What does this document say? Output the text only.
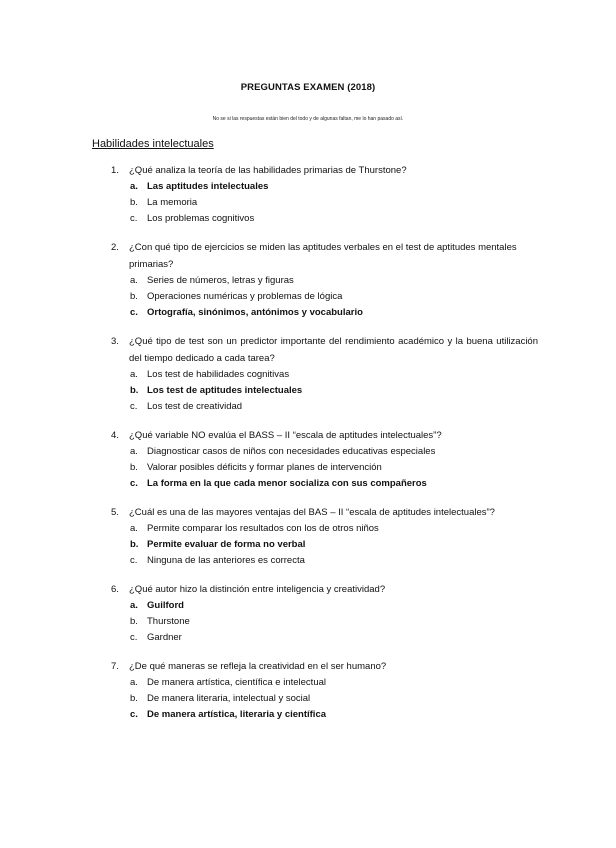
PREGUNTAS EXAMEN (2018)
No se si las respuestas están bien del todo y de algunas faltan, me lo han pasado así.
Habilidades intelectuales
1. ¿Qué analiza la teoría de las habilidades primarias de Thurstone?
a. Las aptitudes intelectuales
b. La memoria
c. Los problemas cognitivos
2. ¿Con qué tipo de ejercicios se miden las aptitudes verbales en el test de aptitudes mentales primarias?
a. Series de números, letras y figuras
b. Operaciones numéricas y problemas de lógica
c. Ortografía, sinónimos, antónimos y vocabulario
3. ¿Qué tipo de test son un predictor importante del rendimiento académico y la buena utilización del tiempo dedicado a cada tarea?
a. Los test de habilidades cognitivas
b. Los test de aptitudes intelectuales
c. Los test de creatividad
4. ¿Qué variable NO evalúa el BASS – II “escala de aptitudes intelectuales”?
a. Diagnosticar casos de niños con necesidades educativas especiales
b. Valorar posibles déficits y formar planes de intervención
c. La forma en la que cada menor socializa con sus compañeros
5. ¿Cuál es una de las mayores ventajas del BAS – II “escala de aptitudes intelectuales”?
a. Permite comparar los resultados con los de otros niños
b. Permite evaluar de forma no verbal
c. Ninguna de las anteriores es correcta
6. ¿Qué autor hizo la distinción entre inteligencia y creatividad?
a. Guilford
b. Thurstone
c. Gardner
7. ¿De qué maneras se refleja la creatividad en el ser humano?
a. De manera artística, científica e intelectual
b. De manera literaria, intelectual y social
c. De manera artística, literaria y científica
